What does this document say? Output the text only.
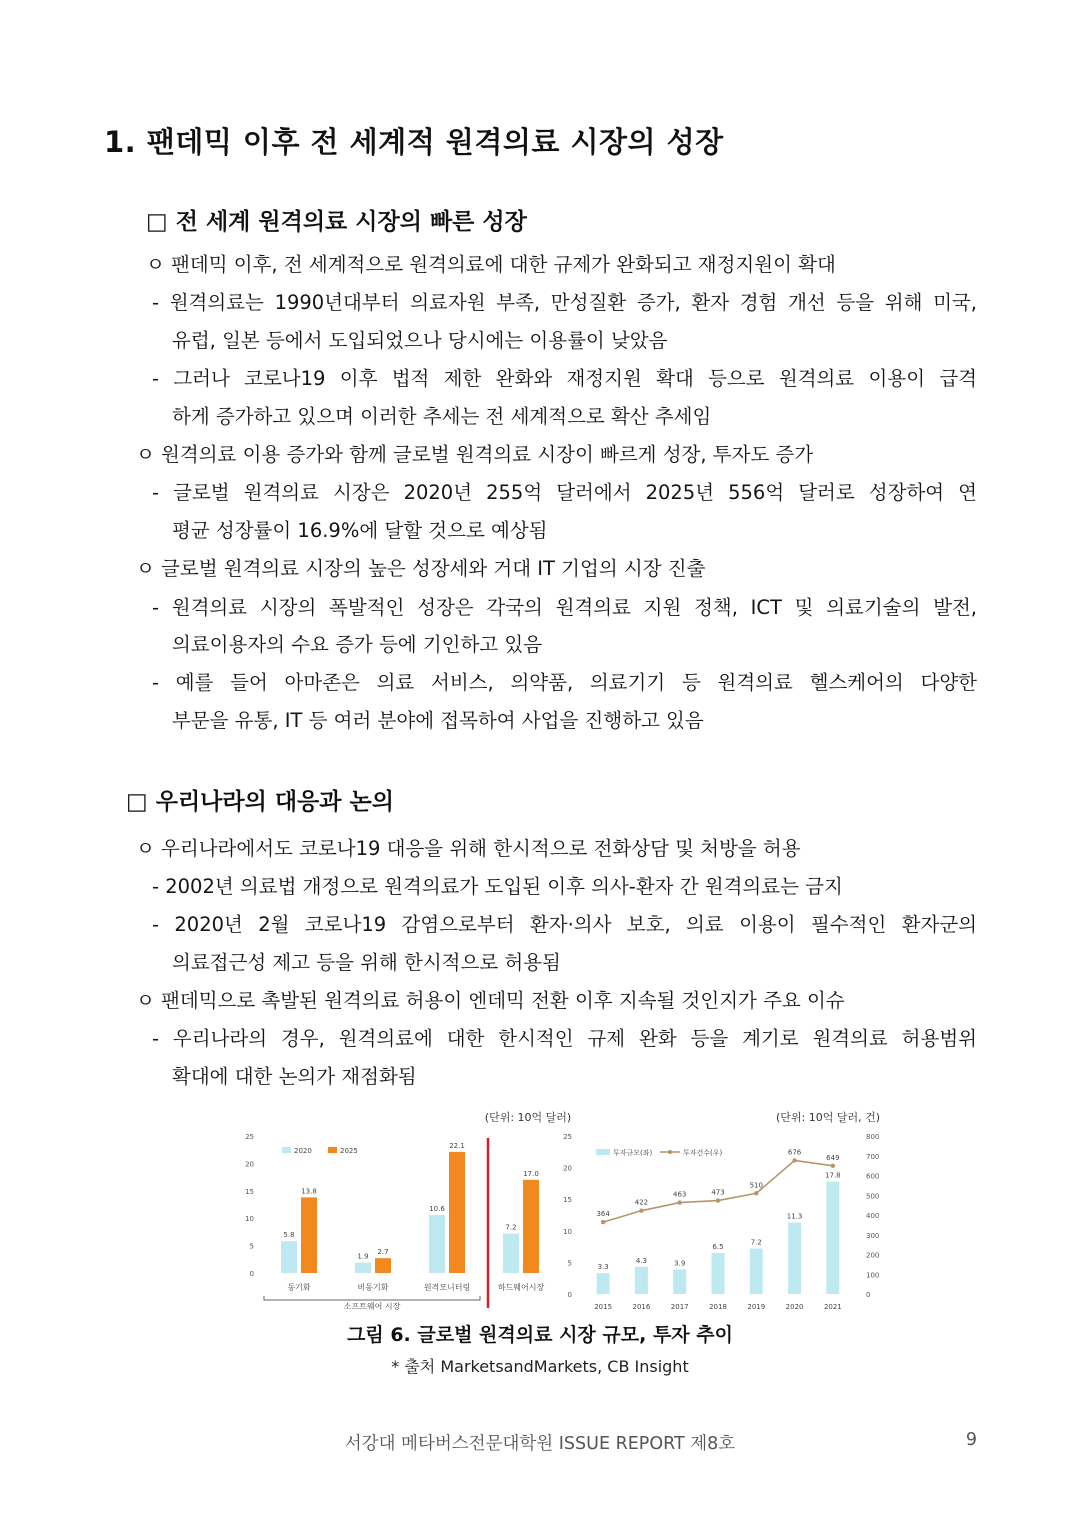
1. 팬데믹 이후 전 세계적 원격의료 시장의 성장
□ 전 세계 원격의료 시장의 빠른 성장
ㅇ 팬데믹 이후, 전 세계적으로 원격의료에 대한 규제가 완화되고 재정지원이 확대
- 원격의료는 1990년대부터 의료자원 부족, 만성질환 증가, 환자 경험 개선 등을 위해 미국,
유럽, 일본 등에서 도입되었으나 당시에는 이용률이 낮았음
- 그러나 코로나19 이후 법적 제한 완화와 재정지원 확대 등으로 원격의료 이용이 급격
하게 증가하고 있으며 이러한 추세는 전 세계적으로 확산 추세임
ㅇ 원격의료 이용 증가와 함께 글로벌 원격의료 시장이 빠르게 성장, 투자도 증가
- 글로벌 원격의료 시장은 2020년 255억 달러에서 2025년 556억 달러로 성장하여 연
평균 성장률이 16.9%에 달할 것으로 예상됨
ㅇ 글로벌 원격의료 시장의 높은 성장세와 거대 IT 기업의 시장 진출
- 원격의료 시장의 폭발적인 성장은 각국의 원격의료 지원 정책, ICT 및 의료기술의 발전,
의료이용자의 수요 증가 등에 기인하고 있음
- 예를 들어 아마존은 의료 서비스, 의약품, 의료기기 등 원격의료 헬스케어의 다양한
부문을 유통, IT 등 여러 분야에 접목하여 사업을 진행하고 있음
□ 우리나라의 대응과 논의
ㅇ 우리나라에서도 코로나19 대응을 위해 한시적으로 전화상담 및 처방을 허용
- 2002년 의료법 개정으로 원격의료가 도입된 이후 의사-환자 간 원격의료는 금지
- 2020년 2월 코로나19 감염으로부터 환자·의사 보호, 의료 이용이 필수적인 환자군의
의료접근성 제고 등을 위해 한시적으로 허용됨
ㅇ 팬데믹으로 촉발된 원격의료 허용이 엔데믹 전환 이후 지속될 것인지가 주요 이슈
- 우리나라의 경우, 원격의료에 대한 한시적인 규제 완화 등을 계기로 원격의료 허용범위
확대에 대한 논의가 재점화됨
(단위: 10억 달러)
0
5
10
15
20
25
5.8
13.8
동기화
1.9
2.7
비동기화
10.6
22.1
원격모니터링
7.2
17.0
하드웨어시장
소프트웨어 시장
2020	2025
(단위: 10억 달러, 건)
0
5
10
15
20
25
0
100
200
300
400
500
600
700
800
3.3
2015
4.3
2016
3.9
2017
6.5
2018
7.2
2019
11.3
2020
17.8
2021
364
422
463	473
510
676
649
투자규모(좌)	투자건수(우)
그림 6. 글로벌 원격의료 시장 규모, 투자 추이
* 출처 MarketsandMarkets, CB Insight
서강대 메타버스전문대학원 ISSUE REPORT 제8호	9
